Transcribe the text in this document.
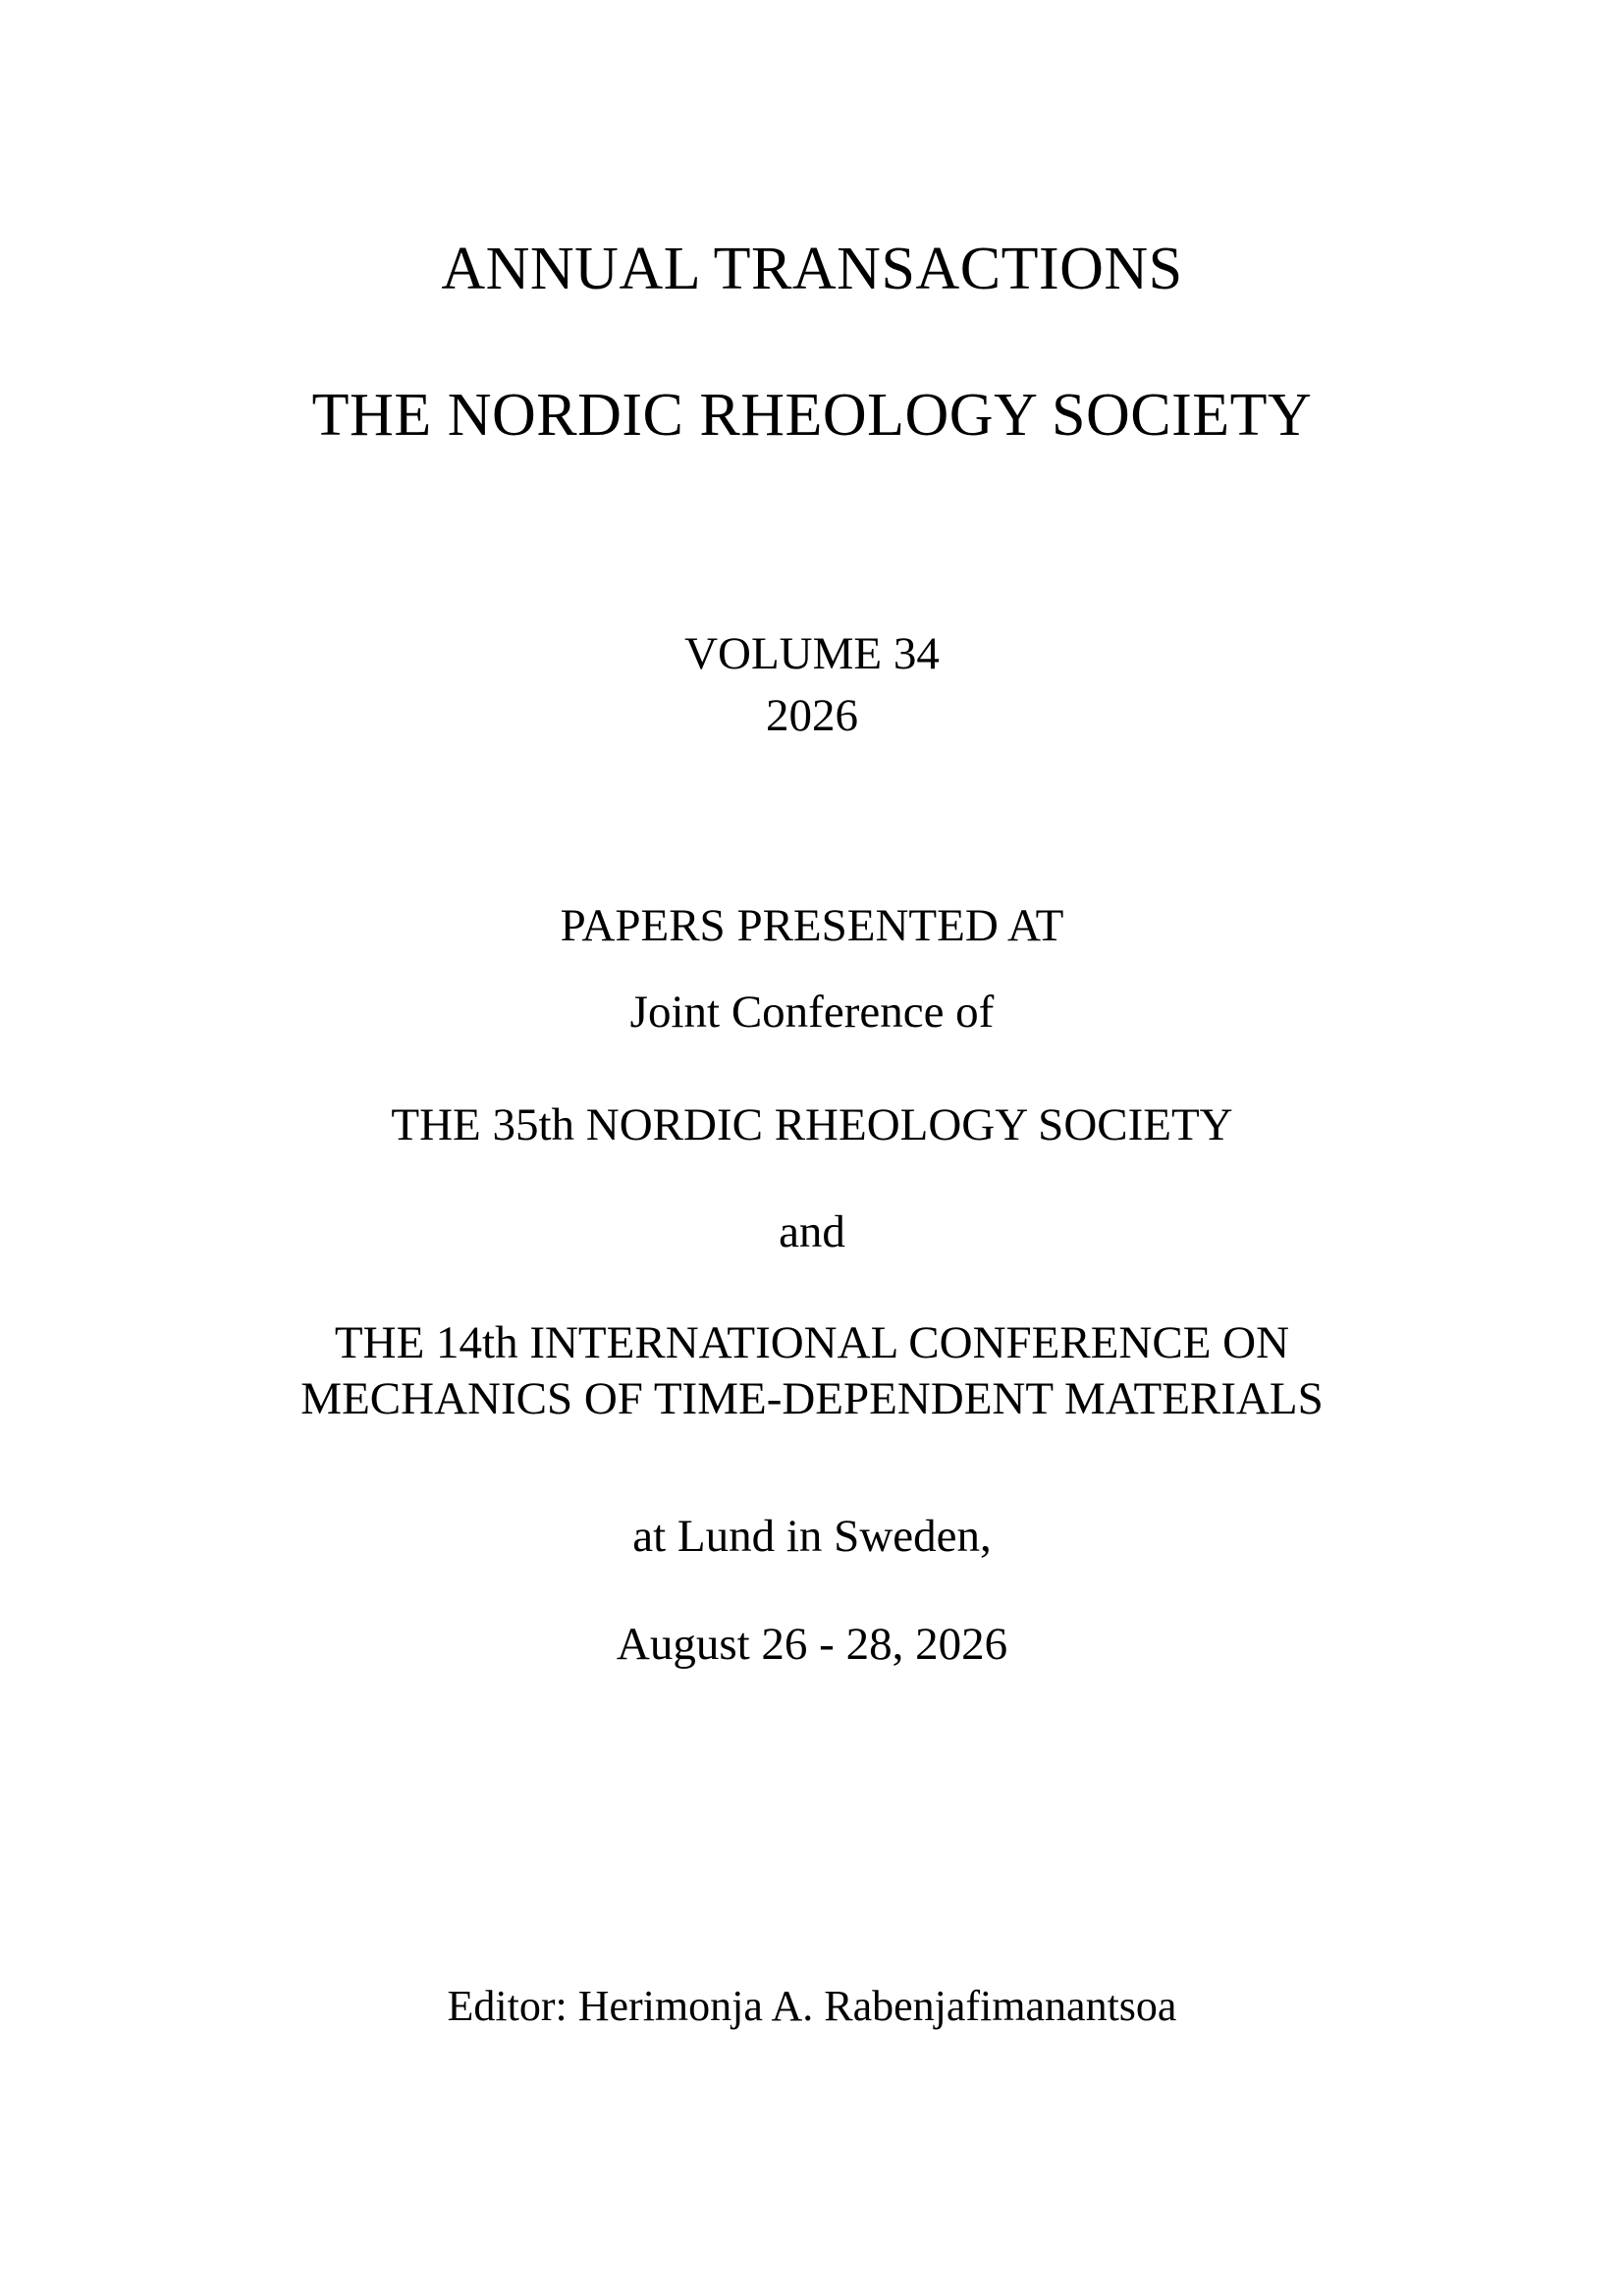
ANNUAL TRANSACTIONS
THE NORDIC RHEOLOGY SOCIETY
VOLUME 34
2026
PAPERS PRESENTED AT
Joint Conference of
THE 35th NORDIC RHEOLOGY SOCIETY
and
THE 14th INTERNATIONAL CONFERENCE ON
MECHANICS OF TIME-DEPENDENT MATERIALS
at Lund in Sweden,
August 26 - 28, 2026
Editor: Herimonja A. Rabenjafimanantsoa
